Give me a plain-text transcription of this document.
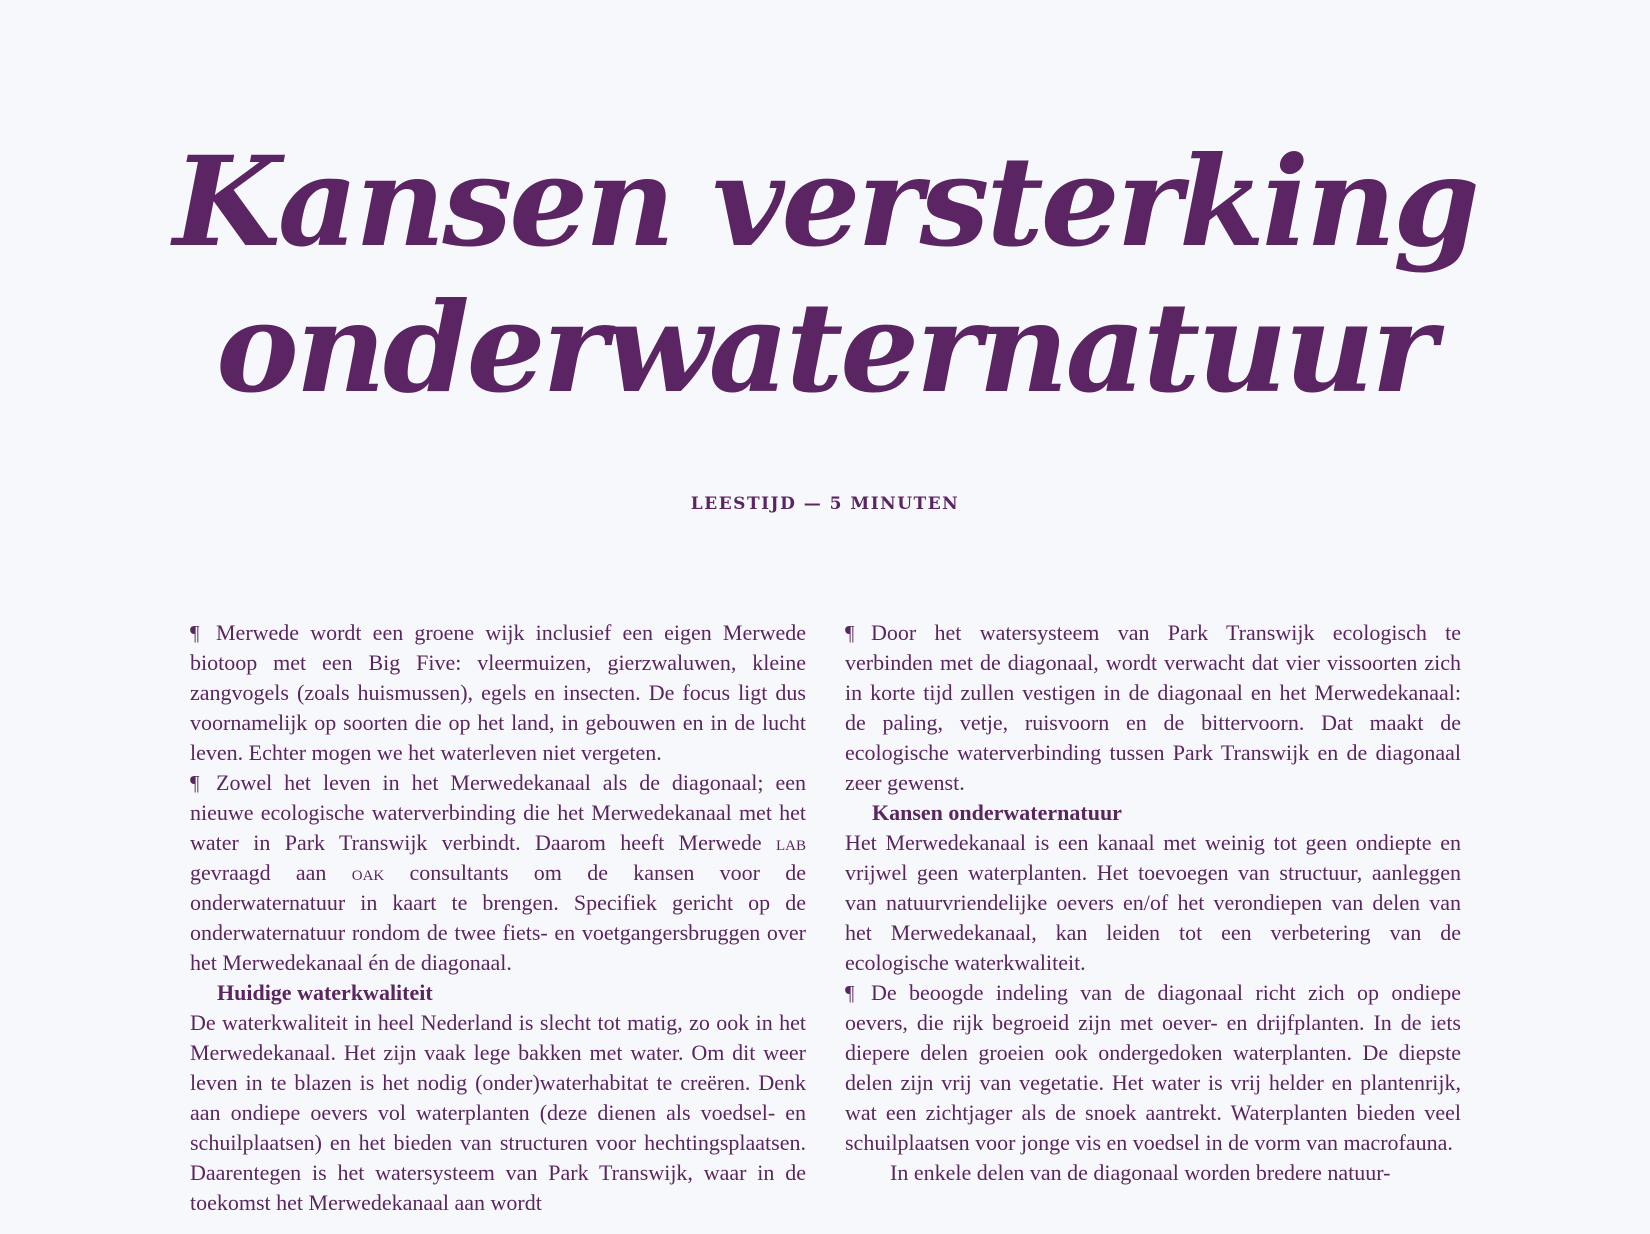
Kansen versterking
onderwaternatuur
LEESTIJD — 5 MINUTEN

¶ Merwede wordt een groene wijk inclusief een eigen Merwede biotoop met een Big Five: vleermuizen, gierzwaluwen, kleine zangvogels (zoals huismussen), egels en insecten. De focus ligt dus voornamelijk op soorten die op het land, in gebouwen en in de lucht leven. Echter mogen we het waterleven niet vergeten.

¶ Zowel het leven in het Merwedekanaal als de diagonaal; een nieuwe ecologische waterverbinding die het Merwedekanaal met het water in Park Transwijk verbindt. Daarom heeft Merwede lab gevraagd aan oak consultants om de kansen voor de onderwaternatuur in kaart te brengen. Specifiek gericht op de onderwaternatuur rondom de twee fiets- en voetgangersbruggen over het Merwedekanaal én de diagonaal.

Huidige waterkwaliteit

De waterkwaliteit in heel Nederland is slecht tot matig, zo ook in het Merwedekanaal. Het zijn vaak lege bakken met water. Om dit weer leven in te blazen is het nodig (onder)waterhabitat te creëren. Denk aan ondiepe oevers vol waterplanten (deze dienen als voedsel- en schuilplaatsen) en het bieden van structuren voor hechtingsplaatsen. Daarentegen is het watersysteem van Park Transwijk, waar in de toekomst het Merwedekanaal aan wordt

¶ Door het watersysteem van Park Transwijk ecologisch te verbinden met de diagonaal, wordt verwacht dat vier vissoorten zich in korte tijd zullen vestigen in de diagonaal en het Merwedekanaal: de paling, vetje, ruisvoorn en de bittervoorn. Dat maakt de ecologische waterverbinding tussen Park Transwijk en de diagonaal zeer gewenst.

Kansen onderwaternatuur

Het Merwedekanaal is een kanaal met weinig tot geen ondiepte en vrijwel geen waterplanten. Het toevoegen van structuur, aanleggen van natuurvriendelijke oevers en/of het verondiepen van delen van het Merwedekanaal, kan leiden tot een verbetering van de ecologische waterkwaliteit.

¶ De beoogde indeling van de diagonaal richt zich op ondiepe oevers, die rijk begroeid zijn met oever- en drijfplanten. In de iets diepere delen groeien ook ondergedoken waterplanten. De diepste delen zijn vrij van vegetatie. Het water is vrij helder en plantenrijk, wat een zichtjager als de snoek aantrekt. Waterplanten bieden veel schuilplaatsen voor jonge vis en voedsel in de vorm van macrofauna.

In enkele delen van de diagonaal worden bredere natuur-
